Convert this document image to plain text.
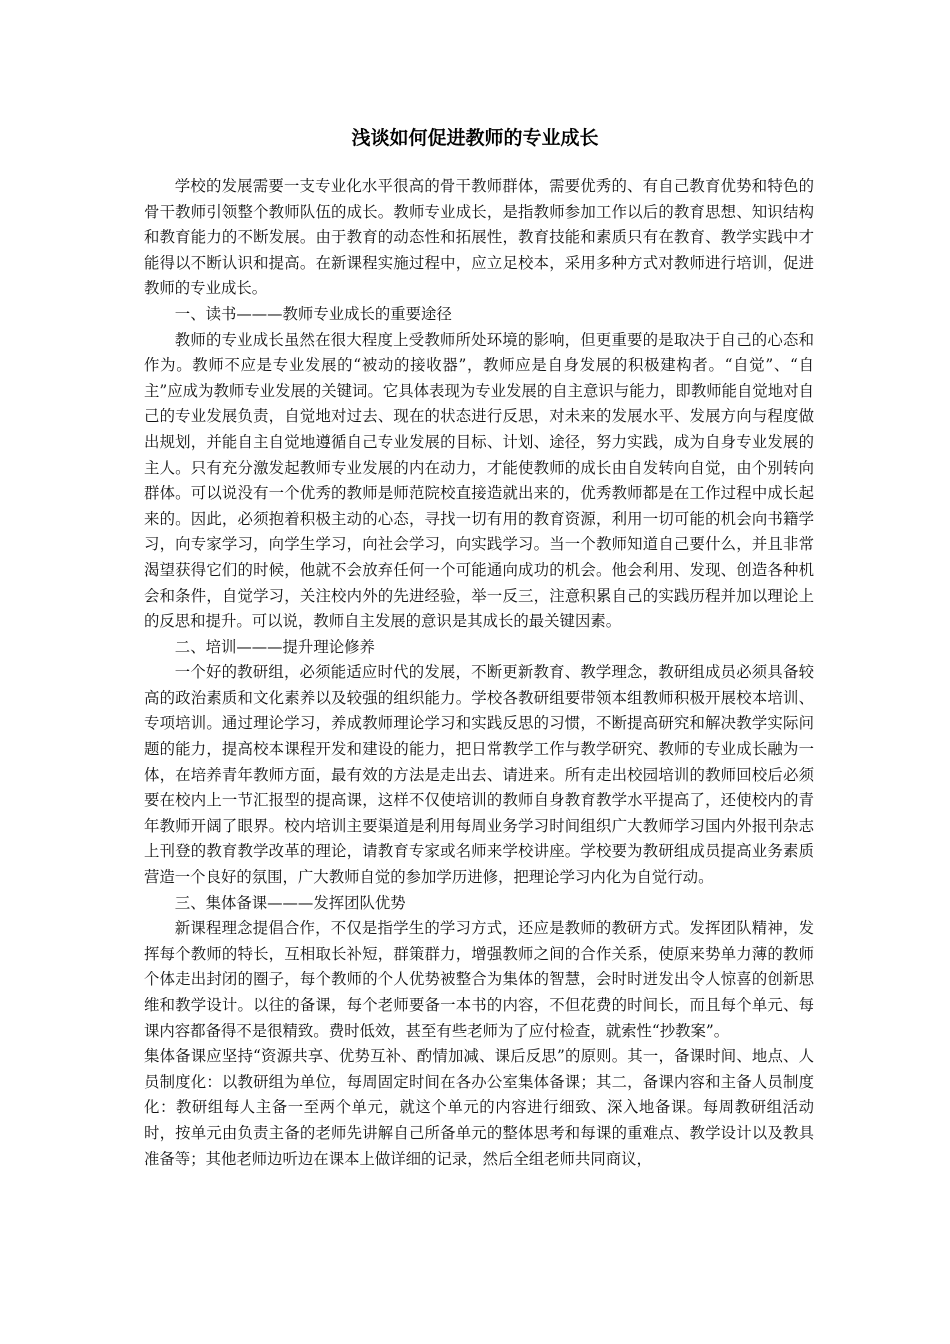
浅谈如何促进教师的专业成长

学校的发展需要一支专业化水平很高的骨干教师群体，需要优秀的、有自己教育优势和特色的骨干教师引领整个教师队伍的成长。教师专业成长，是指教师参加工作以后的教育思想、知识结构和教育能力的不断发展。由于教育的动态性和拓展性，教育技能和素质只有在教育、教学实践中才能得以不断认识和提高。在新课程实施过程中，应立足校本，采用多种方式对教师进行培训，促进教师的专业成长。

一、读书———教师专业成长的重要途径

教师的专业成长虽然在很大程度上受教师所处环境的影响，但更重要的是取决于自己的心态和作为。教师不应是专业发展的“被动的接收器”，教师应是自身发展的积极建构者。“自觉”、“自主”应成为教师专业发展的关键词。它具体表现为专业发展的自主意识与能力，即教师能自觉地对自己的专业发展负责，自觉地对过去、现在的状态进行反思，对未来的发展水平、发展方向与程度做出规划，并能自主自觉地遵循自己专业发展的目标、计划、途径，努力实践，成为自身专业发展的主人。只有充分激发起教师专业发展的内在动力，才能使教师的成长由自发转向自觉，由个别转向群体。可以说没有一个优秀的教师是师范院校直接造就出来的，优秀教师都是在工作过程中成长起来的。因此，必须抱着积极主动的心态，寻找一切有用的教育资源，利用一切可能的机会向书籍学习，向专家学习，向学生学习，向社会学习，向实践学习。当一个教师知道自己要什么，并且非常渴望获得它们的时候，他就不会放弃任何一个可能通向成功的机会。他会利用、发现、创造各种机会和条件，自觉学习，关注校内外的先进经验，举一反三，注意积累自己的实践历程并加以理论上的反思和提升。可以说，教师自主发展的意识是其成长的最关键因素。

二、培训———提升理论修养

一个好的教研组，必须能适应时代的发展，不断更新教育、教学理念，教研组成员必须具备较高的政治素质和文化素养以及较强的组织能力。学校各教研组要带领本组教师积极开展校本培训、专项培训。通过理论学习，养成教师理论学习和实践反思的习惯，不断提高研究和解决教学实际问题的能力，提高校本课程开发和建设的能力，把日常教学工作与教学研究、教师的专业成长融为一体，在培养青年教师方面，最有效的方法是走出去、请进来。所有走出校园培训的教师回校后必须要在校内上一节汇报型的提高课，这样不仅使培训的教师自身教育教学水平提高了，还使校内的青年教师开阔了眼界。校内培训主要渠道是利用每周业务学习时间组织广大教师学习国内外报刊杂志上刊登的教育教学改革的理论，请教育专家或名师来学校讲座。学校要为教研组成员提高业务素质营造一个良好的氛围，广大教师自觉的参加学历进修，把理论学习内化为自觉行动。

三、集体备课———发挥团队优势

新课程理念提倡合作，不仅是指学生的学习方式，还应是教师的教研方式。发挥团队精神，发挥每个教师的特长，互相取长补短，群策群力，增强教师之间的合作关系，使原来势单力薄的教师个体走出封闭的圈子，每个教师的个人优势被整合为集体的智慧，会时时迸发出令人惊喜的创新思维和教学设计。以往的备课，每个老师要备一本书的内容，不但花费的时间长，而且每个单元、每课内容都备得不是很精致。费时低效，甚至有些老师为了应付检查，就索性“抄教案”。

集体备课应坚持“资源共享、优势互补、酌情加减、课后反思”的原则。其一，备课时间、地点、人员制度化：以教研组为单位，每周固定时间在各办公室集体备课；其二，备课内容和主备人员制度化：教研组每人主备一至两个单元，就这个单元的内容进行细致、深入地备课。每周教研组活动时，按单元由负责主备的老师先讲解自己所备单元的整体思考和每课的重难点、教学设计以及教具准备等；其他老师边听边在课本上做详细的记录，然后全组老师共同商议，
